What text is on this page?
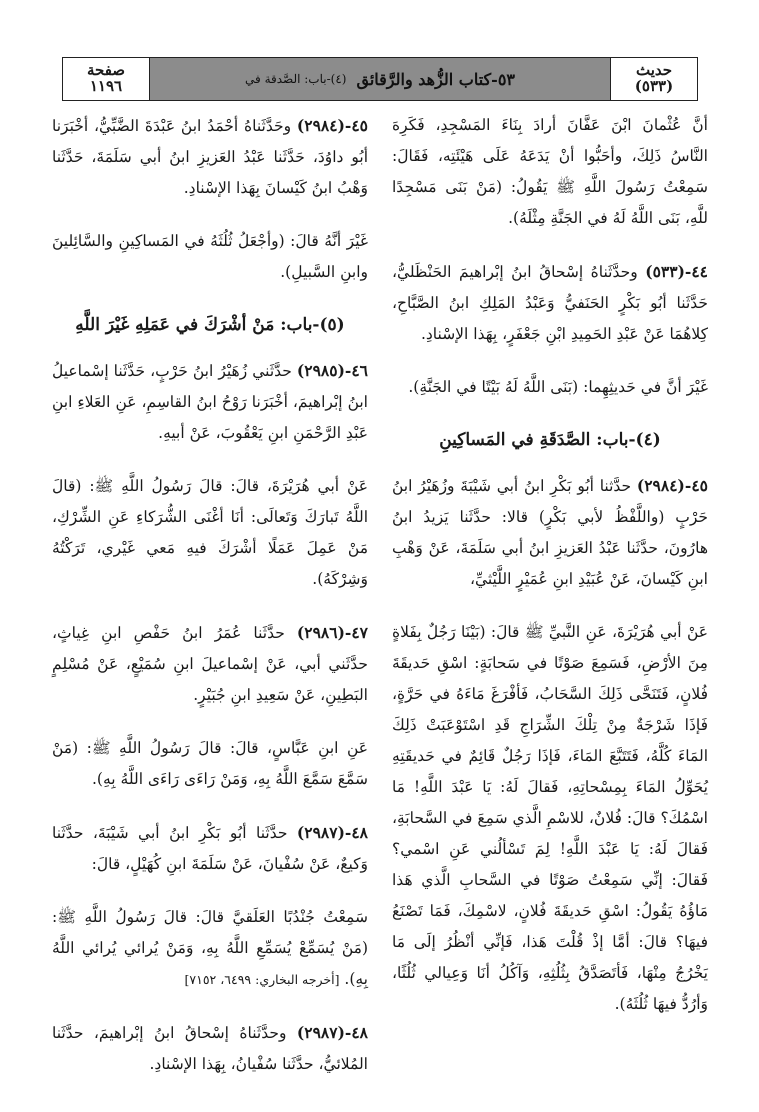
صفحة
١١٩٦	٥٣-كتاب الزُّهد والرَّقائق
(٤)-باب: الصَّدقة في	حديث
(٥٣٣)

أنَّ عُثْمانَ ابْنَ عَفَّانَ أرادَ بِنَاءَ المَسْجِدِ، فَكَرِهَ النَّاسُ ذَلِكَ، وأحَبُّوا أنْ يَدَعَهُ عَلَى هَيْئَتِه، فَقَالَ: سَمِعْتُ رَسُولَ اللَّهِ ﷺ يَقُولُ: (مَنْ بَنَى مَسْجِدًا للَّهِ، بَنَى اللَّهُ لَهُ في الجَنَّةِ مِثْلَهُ).

٤٤-(٥٣٣) وحدَّثَناهُ إسْحاقُ ابنُ إبْراهيمَ الحَنْظَليُّ، حَدَّثَنا أبُو بَكْرٍ الحَنَفيُّ وَعَبْدُ المَلِكِ ابنُ الصَّبَّاحِ، كِلاهُمَا عَنْ عَبْدِ الحَمِيدِ ابْنِ جَعْفَرٍ، بِهَذا الإسْنادِ.

غَيْرَ أنَّ في حَديثِهِما: (بَنَى اللَّهُ لَهُ بَيْتًا في الجَنَّةِ).

(٤)-باب: الصَّدَقَةِ في المَساكِينِ

٤٥-(٢٩٨٤) حدَّثنا أبُو بَكْرِ ابنُ أبي شَيْبَةَ وزُهَيْرُ ابنُ حَرْبٍ (واللَّفْظُ لأبي بَكْرٍ) قالا: حدَّثَنا يَزيدُ ابنُ هارُونَ، حدَّثَنا عَبْدُ العَزيزِ ابنُ أبي سَلَمَةَ، عَنْ وَهْبِ ابنِ كَيْسانَ، عَنْ عُبَيْدِ ابنِ عُمَيْرٍ اللَّيْثيِّ،

عَنْ أبي هُرَيْرَةَ، عَنِ النَّبيِّ ﷺ قالَ: (بَيْنَا رَجُلٌ بِفَلاةٍ مِنَ الأرْضِ، فَسَمِعَ صَوْتًا في سَحابَةٍ: اسْقِ حَديقَةَ فُلانٍ، فَتَنَحَّى ذَلِكَ السَّحَابُ، فَأفْرَغَ مَاءَهُ في حَرَّةٍ، فَإذَا شَرْجَةٌ مِنْ تِلْكَ الشِّرَاجِ قَدِ اسْتَوْعَبَتْ ذَلِكَ المَاءَ كُلَّهُ، فَتَتَبَّعَ المَاءَ، فَإذَا رَجُلٌ قَائِمٌ في حَديقَتِهِ يُحَوِّلُ المَاءَ بِمِسْحاتِهِ، فَقالَ لَهُ: يَا عَبْدَ اللَّهِ! مَا اسْمُكَ؟ قالَ: فُلانٌ، للاسْمِ الَّذي سَمِعَ في السَّحابَةِ، فَقالَ لَهُ: يَا عَبْدَ اللَّهِ! لِمَ تَسْألُني عَنِ اسْمي؟ فَقالَ: إنِّي سَمِعْتُ صَوْتًا في السَّحابِ الَّذي هَذا مَاؤُهُ يَقُولُ: اسْقِ حَديقَةَ فُلانٍ، لاسْمِكَ، فَمَا تَصْنَعُ فيهَا؟ قالَ: أمَّا إذْ قُلْتَ هَذا، فَإنِّي أنْظُرُ إلَى مَا يَخْرُجُ مِنْهَا، فَأتَصَدَّقُ بِثُلُثِهِ، وَآكُلُ أنَا وَعِيالي ثُلُثًا، وَأرُدُّ فيهَا ثُلُثَهُ).

٤٥-(٢٩٨٤) وحَدَّثَناهُ أحْمَدُ ابنُ عَبْدَةَ الضَّبِّيُّ، أخْبَرَنا أبُو داوُدَ، حَدَّثَنا عَبْدُ العَزيزِ ابنُ أبي سَلَمَةَ، حَدَّثَنا وَهْبُ ابنُ كَيْسانَ بِهَذا الإسْنادِ.

غَيْرَ أنَّهُ قالَ: (وأجْعَلُ ثُلُثَهُ في المَساكِينِ والسَّائِلينَ وابنِ السَّبيلِ).

(٥)-باب: مَنْ أشْرَكَ في عَمَلِهِ غَيْرَ اللَّهِ

٤٦-(٢٩٨٥) حدَّثَني زُهَيْرُ ابنُ حَرْبٍ، حَدَّثَنا إسْماعيلُ ابنُ إبْراهيمَ، أخْبَرَنا رَوْحُ ابنُ القاسِمِ، عَنِ العَلاءِ ابنِ عَبْدِ الرَّحْمَنِ ابنِ يَعْقُوبَ، عَنْ أبيهِ.

عَنْ أبي هُرَيْرَةَ، قالَ: قالَ رَسُولُ اللَّهِ ﷺ: (قالَ اللَّهُ تَبارَكَ وَتَعالَى: أنَا أغْنَى الشُّرَكاءِ عَنِ الشِّرْكِ، مَنْ عَمِلَ عَمَلًا أشْرَكَ فيهِ مَعي غَيْري، تَرَكْتُهُ وَشِرْكَهُ).

٤٧-(٢٩٨٦) حدَّثَنا عُمَرُ ابنُ حَفْصِ ابنِ غِياثٍ، حدَّثَني أبي، عَنْ إسْماعيلَ ابنِ سُمَيْعٍ، عَنْ مُسْلِمٍ البَطِينِ، عَنْ سَعِيدِ ابنِ جُبَيْرٍ.

عَنِ ابنِ عَبَّاسٍ، قالَ: قالَ رَسُولُ اللَّهِ ﷺ: (مَنْ سَمَّعَ سَمَّعَ اللَّهُ بِهِ، وَمَنْ رَاءَى رَاءَى اللَّهُ بِهِ).

٤٨-(٢٩٨٧) حدَّثَنا أبُو بَكْرِ ابنُ أبي شَيْبَةَ، حدَّثَنا وَكيعٌ، عَنْ سُفْيانَ، عَنْ سَلَمَةَ ابنِ كُهَيْلٍ، قالَ:

سَمِعْتُ جُنْدُبًا العَلَقيَّ قالَ: قالَ رَسُولُ اللَّهِ ﷺ: (مَنْ يُسَمِّعْ يُسَمِّعِ اللَّهُ بِهِ، وَمَنْ يُرائي يُرائي اللَّهُ بِهِ). [أخرجه البخاري: ٦٤٩٩، ٧١٥٢]

٤٨-(٢٩٨٧) وحدَّثَناهُ إسْحاقُ ابنُ إبْراهيمَ، حدَّثَنا المُلائيُّ، حدَّثَنا سُفْيانُ، بِهَذا الإسْنادِ.
